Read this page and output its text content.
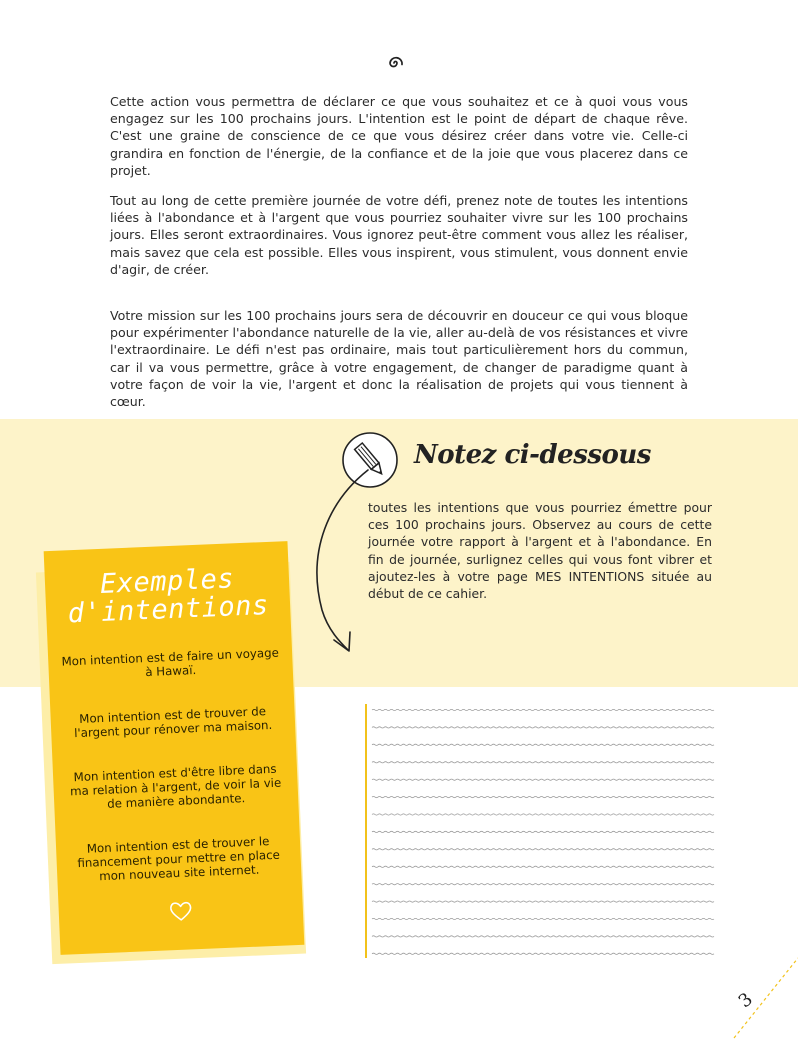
Cette action vous permettra de déclarer ce que vous souhaitez et ce à quoi vous vous engagez sur les 100 prochains jours. L'intention est le point de départ de chaque rêve. C'est une graine de conscience de ce que vous désirez créer dans votre vie. Celle-ci grandira en fonction de l'énergie, de la confiance et de la joie que vous placerez dans ce projet.

Tout au long de cette première journée de votre défi, prenez note de toutes les intentions liées à l'abondance et à l'argent que vous pourriez souhaiter vivre sur les 100 prochains jours. Elles seront extraordinaires. Vous ignorez peut-être comment vous allez les réaliser, mais savez que cela est possible. Elles vous inspirent, vous stimulent, vous donnent envie d'agir, de créer.

Votre mission sur les 100 prochains jours sera de découvrir en douceur ce qui vous bloque pour expérimenter l'abondance naturelle de la vie, aller au-delà de vos résistances et vivre l'extraordinaire. Le défi n'est pas ordinaire, mais tout particulièrement hors du commun, car il va vous permettre, grâce à votre engagement, de changer de paradigme quant à votre façon de voir la vie, l'argent et donc la réalisation de projets qui vous tiennent à cœur.

Notez ci-dessous

toutes les intentions que vous pourriez émettre pour ces 100 prochains jours. Observez au cours de cette journée votre rapport à l'argent et à l'abondance. En fin de journée, surlignez celles qui vous font vibrer et ajoutez-les à votre page MES INTENTIONS située au début de ce cahier.

Exemples
d'intentions

Mon intention est de faire un voyage à Hawaï.

Mon intention est de trouver de l'argent pour rénover ma maison.

Mon intention est d'être libre dans ma relation à l'argent, de voir la vie de manière abondante.

Mon intention est de trouver le financement pour mettre en place mon nouveau site internet.

3
